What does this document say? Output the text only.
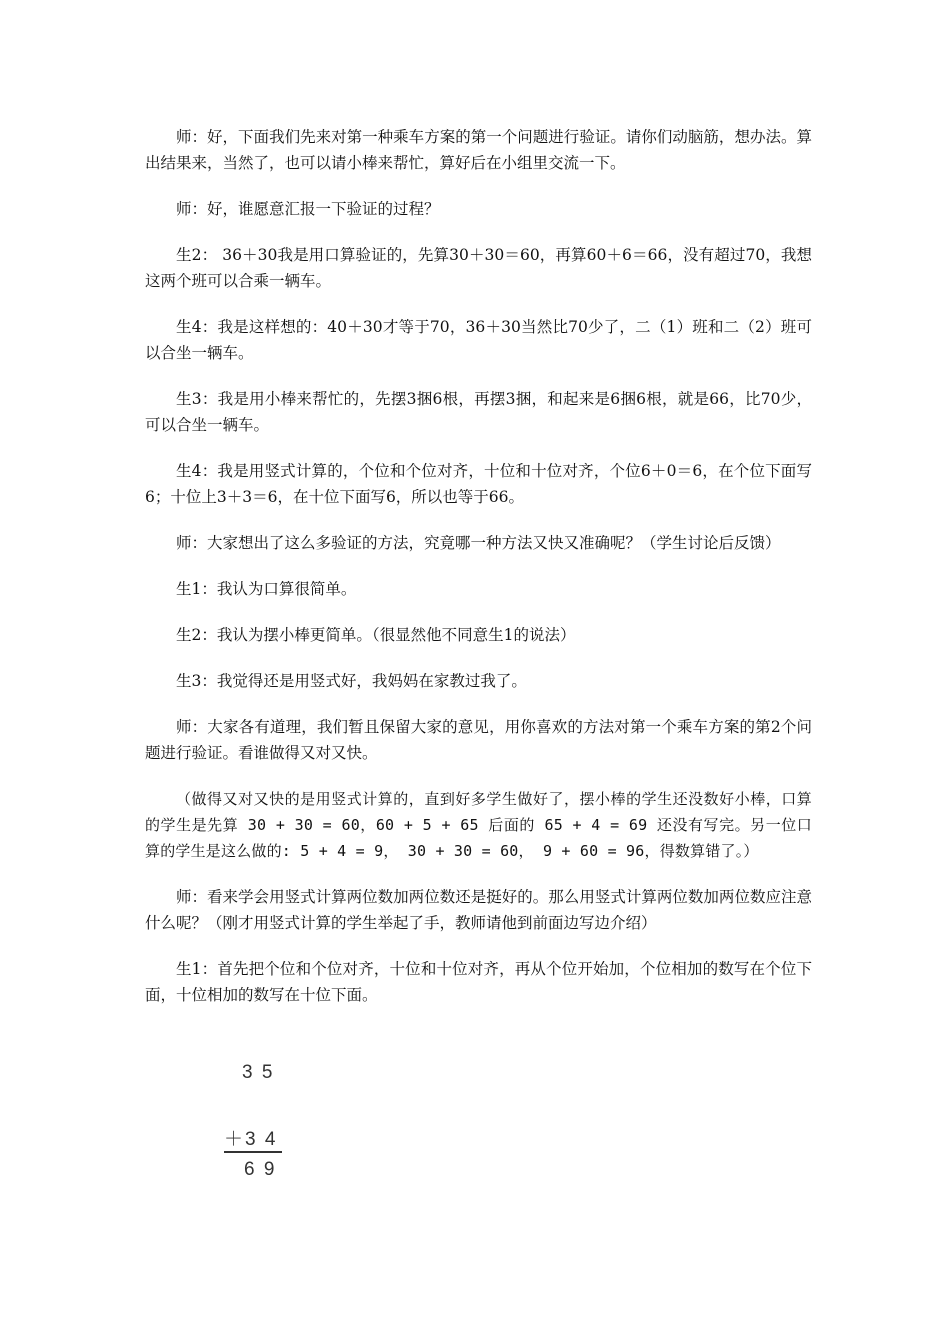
师：好，下面我们先来对第一种乘车方案的第一个问题进行验证。请你们动脑筋，想办法。算出结果来，当然了，也可以请小棒来帮忙，算好后在小组里交流一下。

师：好，谁愿意汇报一下验证的过程？

生2： 36＋30我是用口算验证的，先算30＋30＝60，再算60＋6＝66，没有超过70，我想这两个班可以合乘一辆车。

生4：我是这样想的：40＋30才等于70，36＋30当然比70少了，二（1）班和二（2）班可以合坐一辆车。

生3：我是用小棒来帮忙的，先摆3捆6根，再摆3捆，和起来是6捆6根，就是66，比70少，可以合坐一辆车。

生4：我是用竖式计算的，个位和个位对齐，十位和十位对齐，个位6＋0＝6，在个位下面写6；十位上3＋3＝6，在十位下面写6，所以也等于66。

师：大家想出了这么多验证的方法，究竟哪一种方法又快又准确呢？（学生讨论后反馈）

生1：我认为口算很简单。

生2：我认为摆小棒更简单。（很显然他不同意生1的说法）

生3：我觉得还是用竖式好，我妈妈在家教过我了。

师：大家各有道理，我们暂且保留大家的意见，用你喜欢的方法对第一个乘车方案的第2个问题进行验证。看谁做得又对又快。

（做得又对又快的是用竖式计算的，直到好多学生做好了，摆小棒的学生还没数好小棒，口算的学生是先算 30 + 30 = 60，60 + 5 + 65 后面的 65 + 4 = 69 还没有写完。另一位口算的学生是这么做的: 5 + 4 = 9， 30 + 30 = 60， 9 + 60 = 96，得数算错了。）

师：看来学会用竖式计算两位数加两位数还是挺好的。那么用竖式计算两位数加两位数应注意什么呢？（刚才用竖式计算的学生举起了手，教师请他到前面边写边介绍）

生1：首先把个位和个位对齐，十位和十位对齐，再从个位开始加，个位相加的数写在个位下面，十位相加的数写在十位下面。

3 5
＋3 4
6 9
